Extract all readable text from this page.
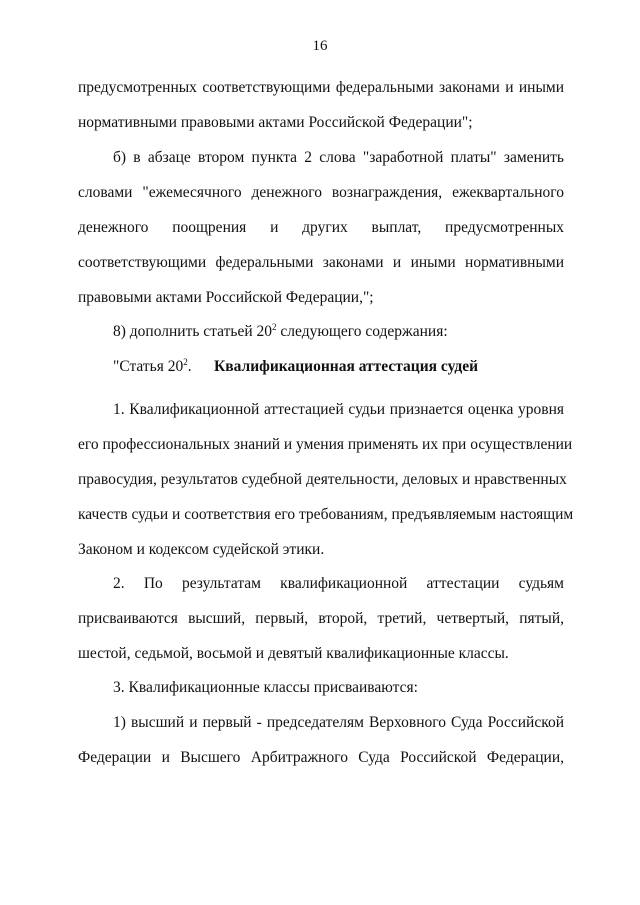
16
предусмотренных соответствующими федеральными законами и иными
нормативными правовыми актами Российской Федерации";
б) в абзаце втором пункта 2 слова "заработной платы" заменить
словами "ежемесячного денежного вознаграждения, ежеквартального
денежного поощрения и других выплат, предусмотренных
соответствующими федеральными законами и иными нормативными
правовыми актами Российской Федерации,";
8) дополнить статьей $20^2$ следующего содержания:
"Статья $20^2$. Квалификационная аттестация судей
1. Квалификационной аттестацией судьи признается оценка уровня
его профессиональных знаний и умения применять их при осуществлении
правосудия, результатов судебной деятельности, деловых и нравственных
качеств судьи и соответствия его требованиям, предъявляемым настоящим
Законом и кодексом судейской этики.
2. По результатам квалификационной аттестации судьям
присваиваются высший, первый, второй, третий, четвертый, пятый,
шестой, седьмой, восьмой и девятый квалификационные классы.
3. Квалификационные классы присваиваются:
1) высший и первый - председателям Верховного Суда Российской
Федерации и Высшего Арбитражного Суда Российской Федерации,
